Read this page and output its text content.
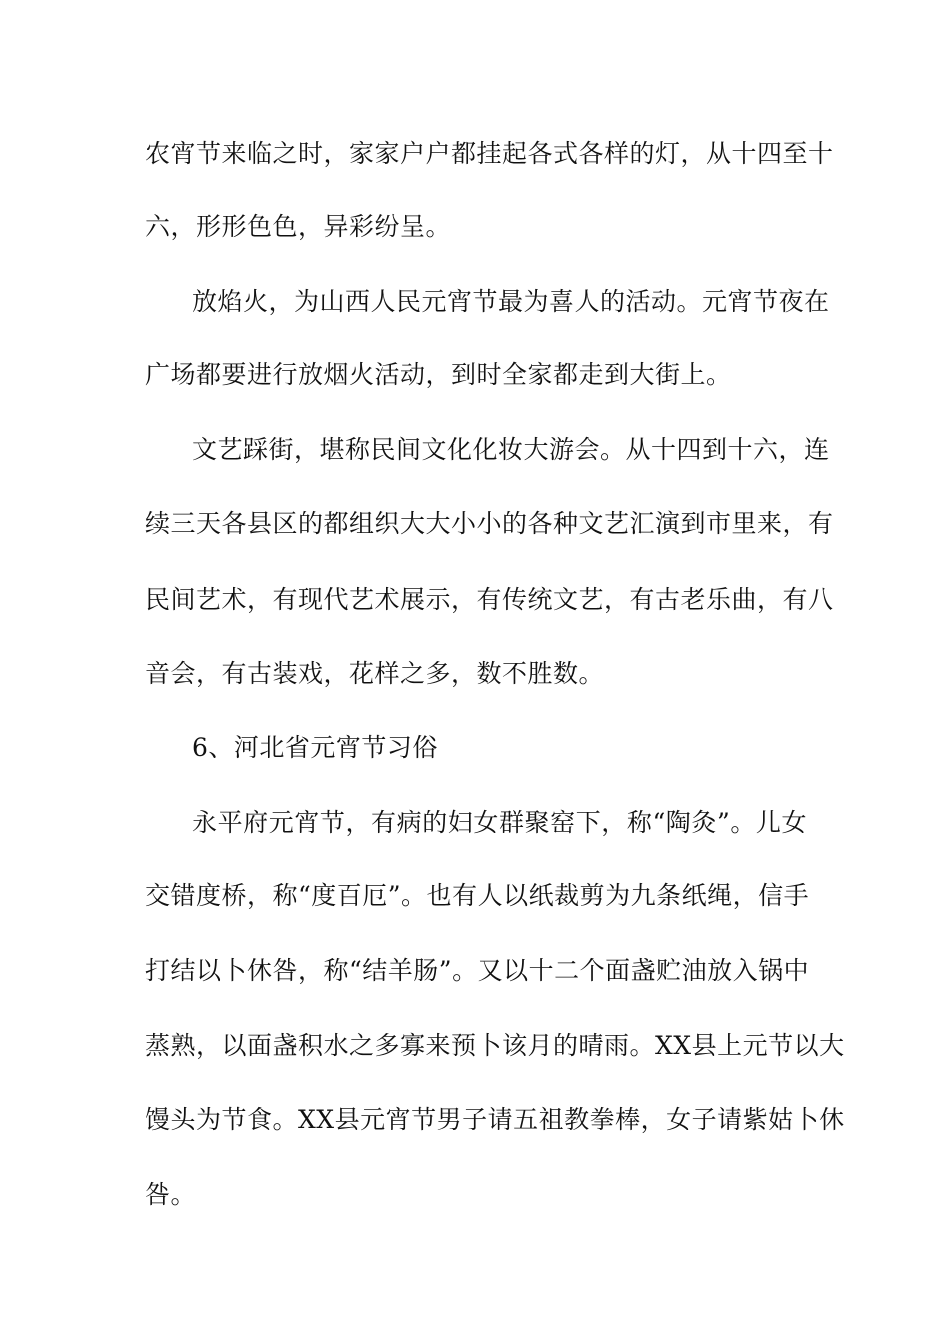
农宵节来临之时，家家户户都挂起各式各样的灯，从十四至十
六，形形色色，异彩纷呈。
放焰火，为山西人民元宵节最为喜人的活动。元宵节夜在
广场都要进行放烟火活动，到时全家都走到大街上。
文艺踩街，堪称民间文化化妆大游会。从十四到十六，连
续三天各县区的都组织大大小小的各种文艺汇演到市里来，有
民间艺术，有现代艺术展示，有传统文艺，有古老乐曲，有八
音会，有古装戏，花样之多，数不胜数。
6、河北省元宵节习俗
永平府元宵节，有病的妇女群聚窑下，称“陶灸”。儿女
交错度桥，称“度百厄”。也有人以纸裁剪为九条纸绳，信手
打结以卜休咎，称“结羊肠”。又以十二个面盏贮油放入锅中
蒸熟，以面盏积水之多寡来预卜该月的晴雨。XX县上元节以大
馒头为节食。XX县元宵节男子请五祖教拳棒，女子请紫姑卜休
咎。
